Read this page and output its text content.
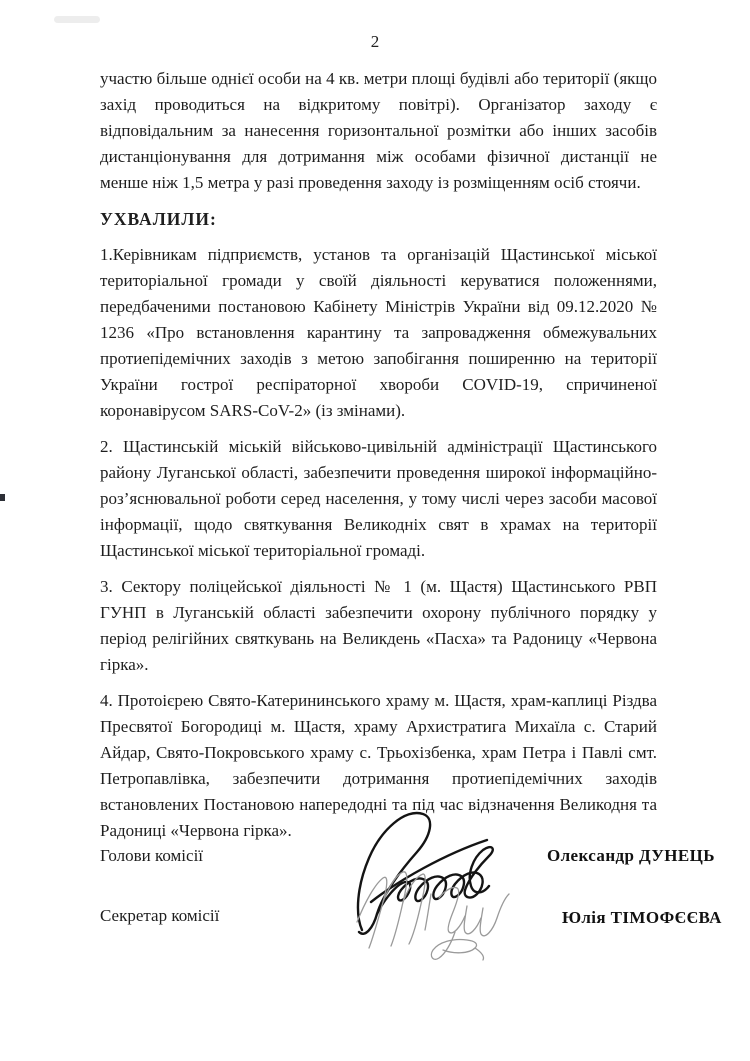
2

участю більше однієї особи на 4 кв. метри площі будівлі або території (якщо захід проводиться на відкритому повітрі). Організатор заходу є відповідальним за нанесення горизонтальної розмітки або інших засобів дистанціонування для дотримання між особами фізичної дистанції не менше ніж 1,5 метра у разі проведення заходу із розміщенням осіб стоячи.

УХВАЛИЛИ:

1.Керівникам підприємств, установ та організацій Щастинської міської територіальної громади у своїй діяльності керуватися положеннями, передбаченими постановою Кабінету Міністрів України від 09.12.2020 № 1236 «Про встановлення карантину та запровадження обмежувальних протиепідемічних заходів з метою запобігання поширенню на території України гострої респіраторної хвороби COVID-19, спричиненої коронавірусом SARS-CoV-2» (із змінами).

2. Щастинській міській військово-цивільній адміністрації Щастинського району Луганської області, забезпечити проведення широкої інформаційно-роз’яснювальної роботи серед населення, у тому числі через засоби масової інформації, щодо святкування Великодніх свят в храмах на території Щастинської міської територіальної громаді.

3. Сектору поліцейської діяльності № 1 (м. Щастя) Щастинського РВП ГУНП в Луганській області забезпечити охорону публічного порядку у період релігійних святкувань на Великдень «Пасха» та Радоницу «Червона гірка».

4. Протоієрею Свято-Катерининського храму м. Щастя, храм-каплиці Різдва Пресвятої Богородиці м. Щастя, храму Архистратига Михаїла с. Старий Айдар, Свято-Покровського храму с. Трьохізбенка, храм Петра і Павлі смт. Петропавлівка, забезпечити дотримання протиепідемічних заходів встановлених Постановою напередодні та під час відзначення Великодня та Радониці «Червона гірка».

Голови комісії	Олександр ДУНЕЦЬ
Секретар комісії	Юлія ТІМОФЄЄВА
